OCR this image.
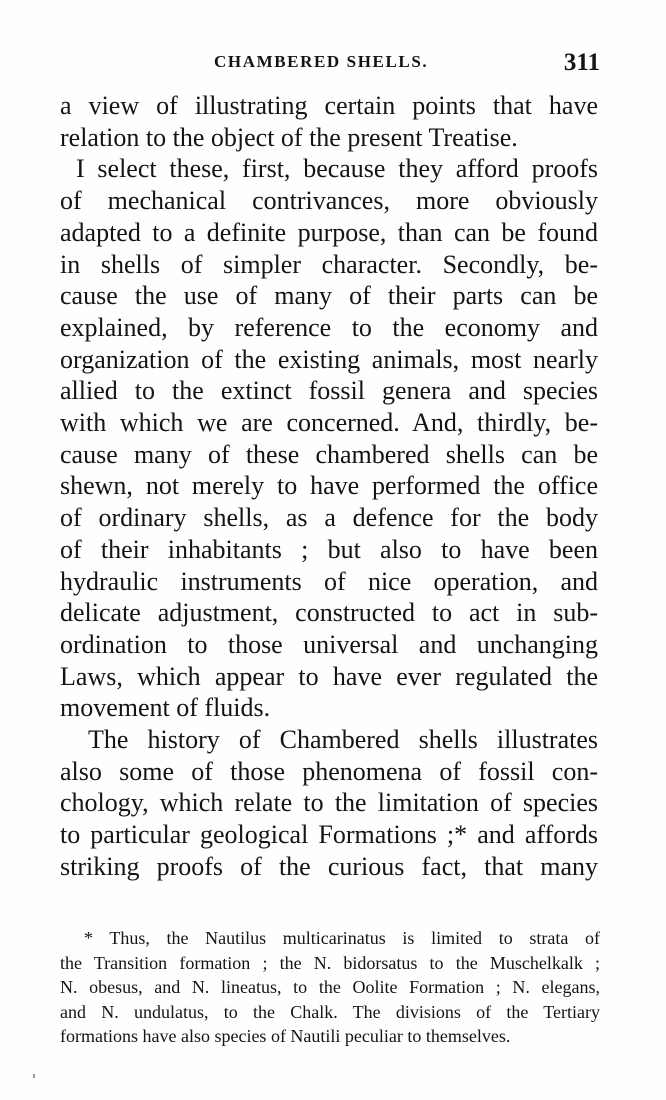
CHAMBERED SHELLS.	311
a view of illustrating certain points that have
relation to the object of the present Treatise.
I select these, first, because they afford proofs
of mechanical contrivances, more obviously
adapted to a definite purpose, than can be found
in shells of simpler character. Secondly, be-
cause the use of many of their parts can be
explained, by reference to the economy and
organization of the existing animals, most nearly
allied to the extinct fossil genera and species
with which we are concerned. And, thirdly, be-
cause many of these chambered shells can be
shewn, not merely to have performed the office
of ordinary shells, as a defence for the body
of their inhabitants ; but also to have been
hydraulic instruments of nice operation, and
delicate adjustment, constructed to act in sub-
ordination to those universal and unchanging
Laws, which appear to have ever regulated the
movement of fluids.
The history of Chambered shells illustrates
also some of those phenomena of fossil con-
chology, which relate to the limitation of species
to particular geological Formations ;* and affords
striking proofs of the curious fact, that many
* Thus, the Nautilus multicarinatus is limited to strata of
the Transition formation ; the N. bidorsatus to the Muschelkalk ;
N. obesus, and N. lineatus, to the Oolite Formation ; N. elegans,
and N. undulatus, to the Chalk. The divisions of the Tertiary
formations have also species of Nautili peculiar to themselves.
